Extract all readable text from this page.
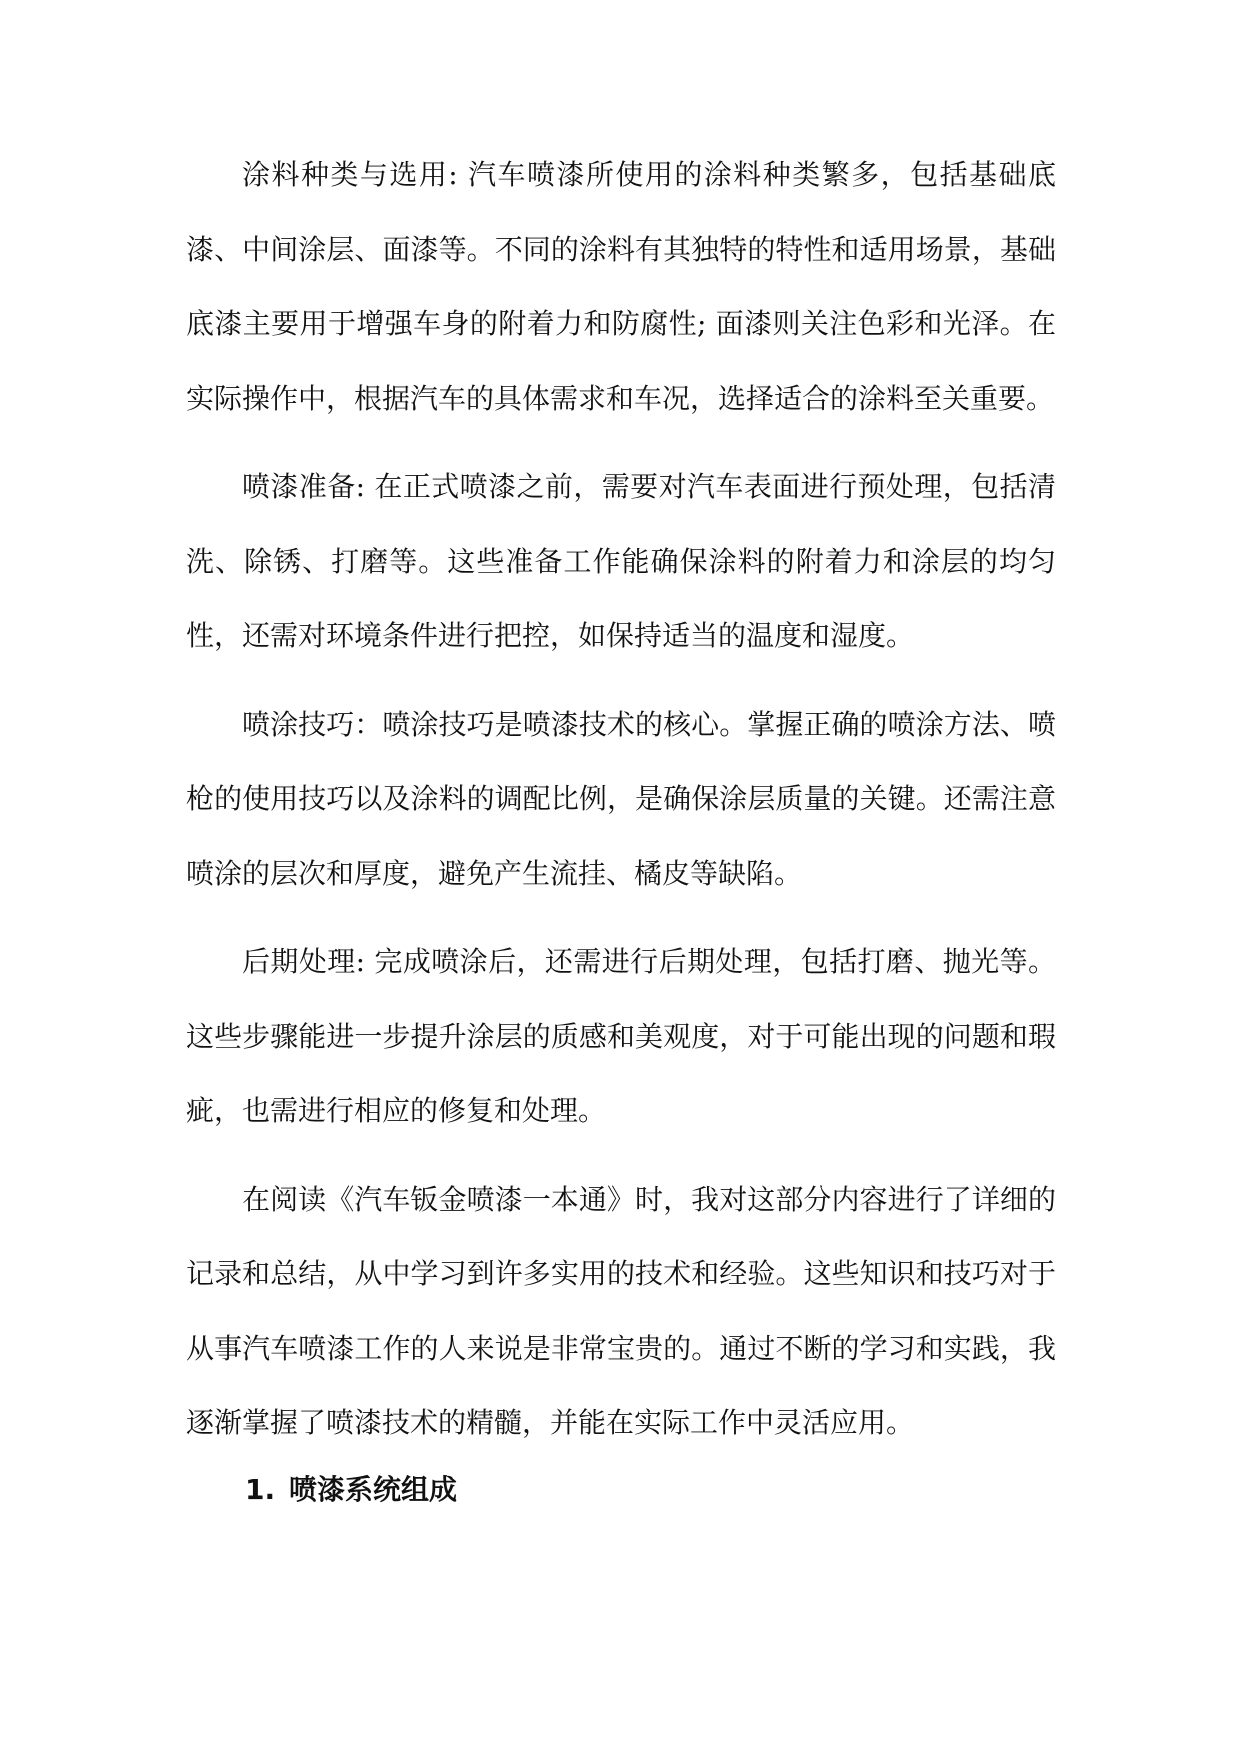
涂料种类与选用: 汽车喷漆所使用的涂料种类繁多，包括基础底漆、中间涂层、面漆等。不同的涂料有其独特的特性和适用场景，基础底漆主要用于增强车身的附着力和防腐性; 面漆则关注色彩和光泽。在实际操作中，根据汽车的具体需求和车况，选择适合的涂料至关重要。

喷漆准备: 在正式喷漆之前，需要对汽车表面进行预处理，包括清洗、除锈、打磨等。这些准备工作能确保涂料的附着力和涂层的均匀性，还需对环境条件进行把控，如保持适当的温度和湿度。

喷涂技巧：喷涂技巧是喷漆技术的核心。掌握正确的喷涂方法、喷枪的使用技巧以及涂料的调配比例，是确保涂层质量的关键。还需注意喷涂的层次和厚度，避免产生流挂、橘皮等缺陷。

后期处理: 完成喷涂后，还需进行后期处理，包括打磨、抛光等。这些步骤能进一步提升涂层的质感和美观度，对于可能出现的问题和瑕疵，也需进行相应的修复和处理。

在阅读《汽车钣金喷漆一本通》时，我对这部分内容进行了详细的记录和总结，从中学习到许多实用的技术和经验。这些知识和技巧对于从事汽车喷漆工作的人来说是非常宝贵的。通过不断的学习和实践，我逐渐掌握了喷漆技术的精髓，并能在实际工作中灵活应用。

1. 喷漆系统组成
